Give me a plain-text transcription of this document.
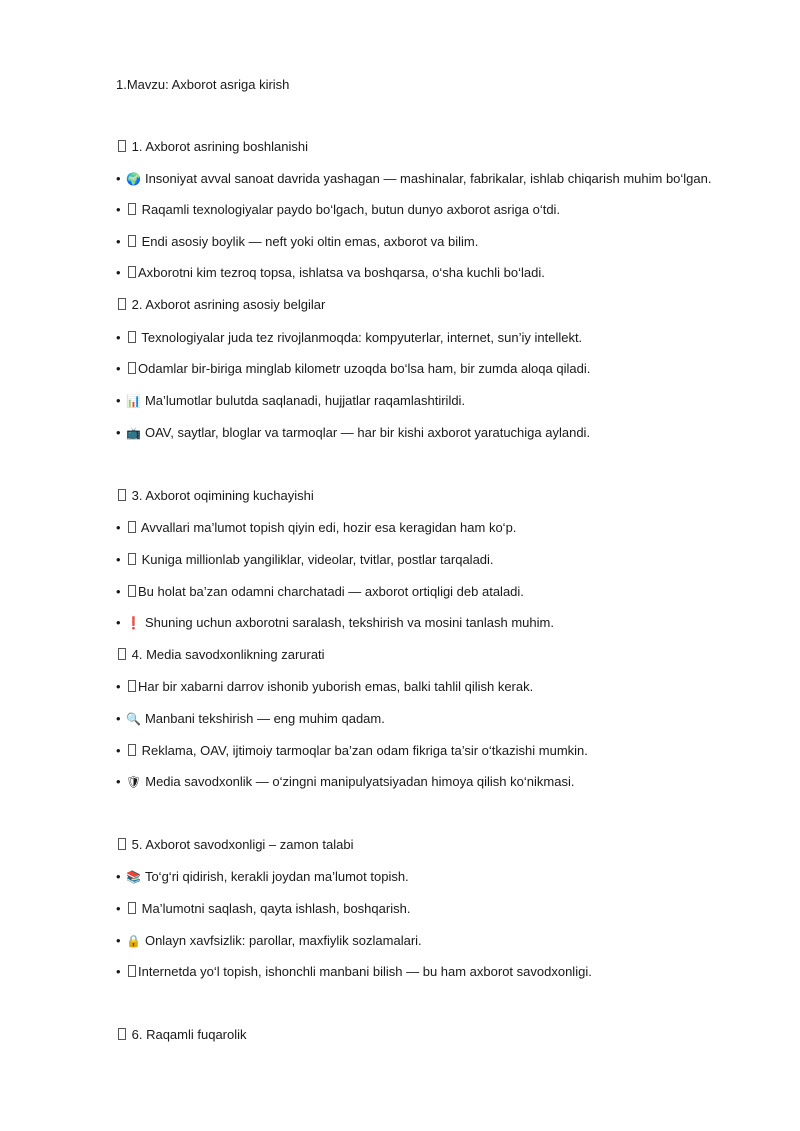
1.Mavzu: Axborot asriga kirish
1. Axborot asrining boshlanishi
• 🌍 Insoniyat avval sanoat davrida yashagan — mashinalar, fabrikalar, ishlab chiqarish muhim bo‘lgan.
• Raqamli texnologiyalar paydo bo‘lgach, butun dunyo axborot asriga o‘tdi.
• Endi asosiy boylik — neft yoki oltin emas, axborot va bilim.
• Axborotni kim tezroq topsa, ishlatsa va boshqarsa, o‘sha kuchli bo‘ladi.
2. Axborot asrining asosiy belgilar
• Texnologiyalar juda tez rivojlanmoqda: kompyuterlar, internet, sun’iy intellekt.
• Odamlar bir-biriga minglab kilometr uzoqda bo‘lsa ham, bir zumda aloqa qiladi.
• 📊 Ma’lumotlar bulutda saqlanadi, hujjatlar raqamlashtirildi.
• 📺 OAV, saytlar, bloglar va tarmoqlar — har bir kishi axborot yaratuchiga aylandi.
3. Axborot oqimining kuchayishi
• Avvallari ma’lumot topish qiyin edi, hozir esa keragidan ham ko‘p.
• Kuniga millionlab yangiliklar, videolar, tvitlar, postlar tarqaladi.
• Bu holat ba’zan odamni charchatadi — axborot ortiqligi deb ataladi.
• ❗ Shuning uchun axborotni saralash, tekshirish va mosini tanlash muhim.
4. Media savodxonlikning zarurati
• Har bir xabarni darrov ishonib yuborish emas, balki tahlil qilish kerak.
• 🔍 Manbani tekshirish — eng muhim qadam.
• Reklama, OAV, ijtimoiy tarmoqlar ba’zan odam fikriga ta’sir o‘tkazishi mumkin.
• 🛡 Media savodxonlik — o‘zingni manipulyatsiyadan himoya qilish ko‘nikmasi.
5. Axborot savodxonligi – zamon talabi
• 📚 To‘g‘ri qidirish, kerakli joydan ma’lumot topish.
• Ma’lumotni saqlash, qayta ishlash, boshqarish.
• 🔒 Onlayn xavfsizlik: parollar, maxfiylik sozlamalari.
• Internetda yo‘l topish, ishonchli manbani bilish — bu ham axborot savodxonligi.
6. Raqamli fuqarolik
